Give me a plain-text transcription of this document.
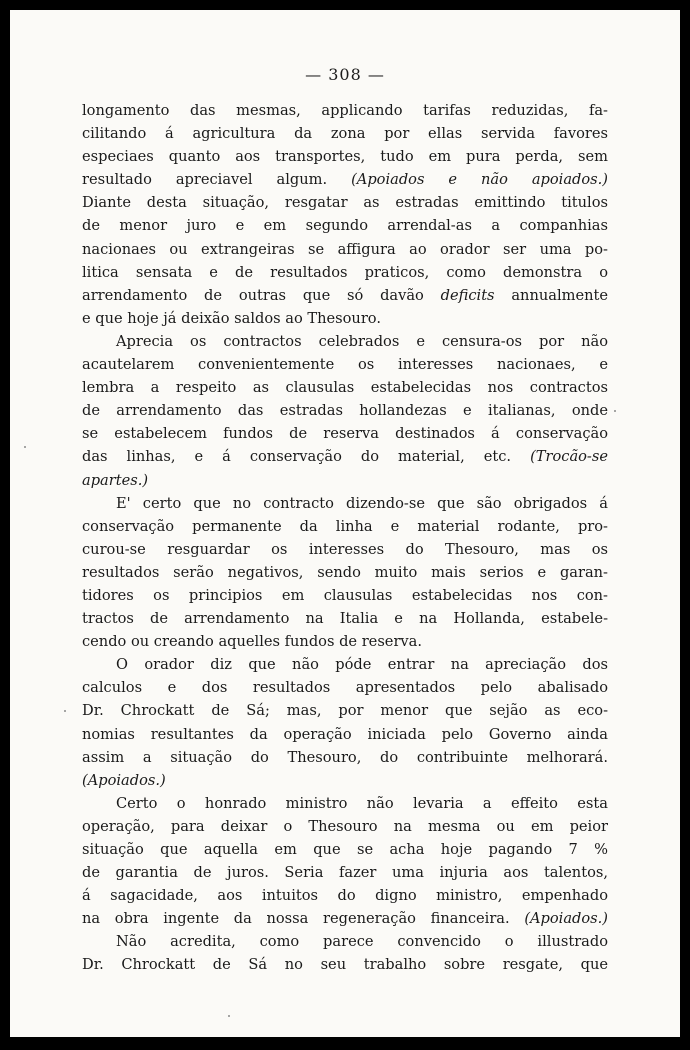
— 308 —

longamento das mesmas, applicando tarifas reduzidas, fa-

cilitando á agricultura da zona por ellas servida favores

especiaes quanto aos transportes, tudo em pura perda, sem

resultado apreciavel algum. (Apoiados e não apoiados.)

Diante desta situação, resgatar as estradas emittindo titulos

de menor juro e em segundo arrendal-as a companhias

nacionaes ou extrangeiras se affigura ao orador ser uma po-

litica sensata e de resultados praticos, como demonstra o

arrendamento de outras que só davão deficits annualmente

e que hoje já deixão saldos ao Thesouro.

Aprecia os contractos celebrados e censura-os por não

acautelarem convenientemente os interesses nacionaes, e

lembra a respeito as clausulas estabelecidas nos contractos

de arrendamento das estradas hollandezas e italianas, onde

se estabelecem fundos de reserva destinados á conservação

das linhas, e á conservação do material, etc. (Trocão-se

apartes.)

E' certo que no contracto dizendo-se que são obrigados á

conservação permanente da linha e material rodante, pro-

curou-se resguardar os interesses do Thesouro, mas os

resultados serão negativos, sendo muito mais serios e garan-

tidores os principios em clausulas estabelecidas nos con-

tractos de arrendamento na Italia e na Hollanda, estabele-

cendo ou creando aquelles fundos de reserva.

O orador diz que não póde entrar na apreciação dos

calculos e dos resultados apresentados pelo abalisado

Dr. Chrockatt de Sá; mas, por menor que sejão as eco-

nomias resultantes da operação iniciada pelo Governo ainda

assim a situação do Thesouro, do contribuinte melhorará.

(Apoiados.)

Certo o honrado ministro não levaria a effeito esta

operação, para deixar o Thesouro na mesma ou em peior

situação que aquella em que se acha hoje pagando 7 %

de garantia de juros. Seria fazer uma injuria aos talentos,

á sagacidade, aos intuitos do digno ministro, empenhado

na obra ingente da nossa regeneração financeira. (Apoiados.)

Não acredita, como parece convencido o illustrado

Dr. Chrockatt de Sá no seu trabalho sobre resgate, que
